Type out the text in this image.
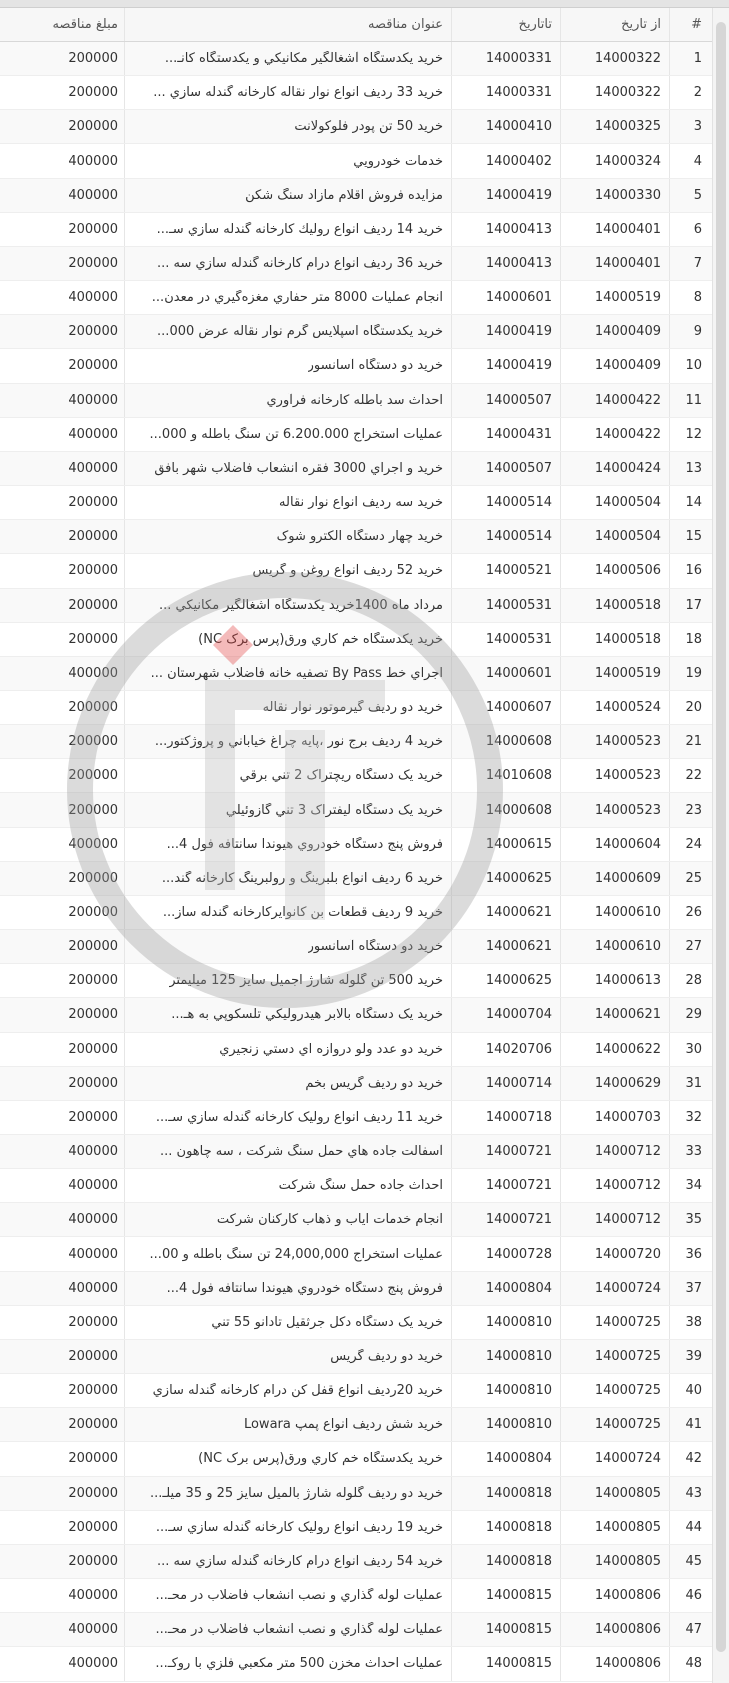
#
از تاريخ
تاتاريخ
عنوان مناقصه
مبلغ مناقصه
1
14000322
14000331
خريد يكدستگاه آشغالگير مكانيكي و يكدستگاه كانـ...
200000
2
14000322
14000331
خريد 33 رديف انواع نوار نقاله كارخانه گندله سازي ...
200000
3
14000325
14000410
خريد 50 تن پودر فلوكولانت
200000
4
14000324
14000402
خدمات خودرويي
400000
5
14000330
14000419
مزايده فروش اقلام مازاد سنگ شكن
400000
6
14000401
14000413
خريد 14 رديف انواع روليك كارخانه گندله سازي سـ...
200000
7
14000401
14000413
خريد 36 رديف انواع درام كارخانه گندله سازي سه ...
200000
8
14000519
14000601
انجام عمليات 8000 متر حفاري مغزه‌گيري در معدن...
400000
9
14000409
14000419
خريد يكدستگاه اسپلايس گرم نوار نقاله عرض 000...
200000
10
14000409
14000419
خريد دو دستگاه آسانسور
200000
11
14000422
14000507
احداث سد باطله كارخانه فرآوري
400000
12
14000422
14000431
عمليات استخراج 6.200.000 تن سنگ باطله و 000...
400000
13
14000424
14000507
خريد و اجراي 3000 فقره انشعاب فاضلاب شهر بافق
400000
14
14000504
14000514
خريد سه رديف انواع نوار نقاله
200000
15
14000504
14000514
خريد چهار دستگاه الكترو شوک
200000
16
14000506
14000521
خريد 52 رديف انواع روغن و گريس
200000
17
14000518
14000531
مرداد ماه 1400خريد يكدستگاه آشغالگير مكانيكي ...
200000
18
14000518
14000531
خريد يكدستگاه خم كاري ورق(پرس برک NC)
200000
19
14000519
14000601
اجراي خط By Pass تصفيه خانه فاضلاب شهرستان ...
400000
20
14000524
14000607
خريد دو رديف گيرموتور نوار نقاله
200000
21
14000523
14000608
خريد 4 رديف برج نور ،پايه چراغ خياباني و پروژكتور...
200000
22
14000523
14010608
خريد يک دستگاه ريچتراک 2 تني برقي
200000
23
14000523
14000608
خريد يک دستگاه ليفتراک 3 تني گازوئيلي
200000
24
14000604
14000615
فروش پنج دستگاه خودروي هيوندا سانتافه فول 4...
400000
25
14000609
14000625
خريد 6 رديف انواع بلبرينگ و رولبرينگ كارخانه گند...
200000
26
14000610
14000621
خريد 9 رديف قطعات بن كانوايركارخانه گندله ساز...
200000
27
14000610
14000621
خريد دو دستگاه آسانسور
200000
28
14000613
14000625
خريد 500 تن گلوله شارژ اجميل سايز 125 ميليمتر
200000
29
14000621
14000704
خريد يک دستگاه بالابر هيدروليكي تلسكوپي به هـ...
200000
30
14000622
14020706
خريد دو عدد ولو دروازه اي دستي زنجيري
200000
31
14000629
14000714
خريد دو رديف گريس بخم
200000
32
14000703
14000718
خريد 11 رديف انواع روليک كارخانه گندله سازي سـ...
200000
33
14000712
14000721
آسفالت جاده هاي حمل سنگ شركت ، سه چاهون ...
400000
34
14000712
14000721
احداث جاده حمل سنگ شركت
400000
35
14000712
14000721
انجام خدمات اياب و ذهاب كاركنان شركت
400000
36
14000720
14000728
عمليات استخراج 24,000,000 تن سنگ باطله و 00...
400000
37
14000724
14000804
فروش پنج دستگاه خودروي هيوندا سانتافه فول 4...
400000
38
14000725
14000810
خريد يک دستگاه دكل جرثقيل تادانو 55 تني
200000
39
14000725
14000810
خريد دو رديف گريس
200000
40
14000725
14000810
خريد 20رديف انواع قفل كن درام كارخانه گندله سازي
200000
41
14000725
14000810
خريد شش رديف انواع پمپ Lowara
200000
42
14000724
14000804
خريد يكدستگاه خم كاري ورق(پرس برک NC)
200000
43
14000805
14000818
خريد دو رديف گلوله شارژ بالميل سايز 25 و 35 ميلـ...
200000
44
14000805
14000818
خريد 19 رديف انواع روليک كارخانه گندله سازي سـ...
200000
45
14000805
14000818
خريد 54 رديف انواع درام كارخانه گندله سازي سه ...
200000
46
14000806
14000815
عمليات لوله گذاري و نصب انشعاب فاضلاب در محـ...
400000
47
14000806
14000815
عمليات لوله گذاري و نصب انشعاب فاضلاب در محـ...
400000
48
14000806
14000815
عمليات احداث مخزن 500 متر مكعبي فلزي با روكـ...
400000
